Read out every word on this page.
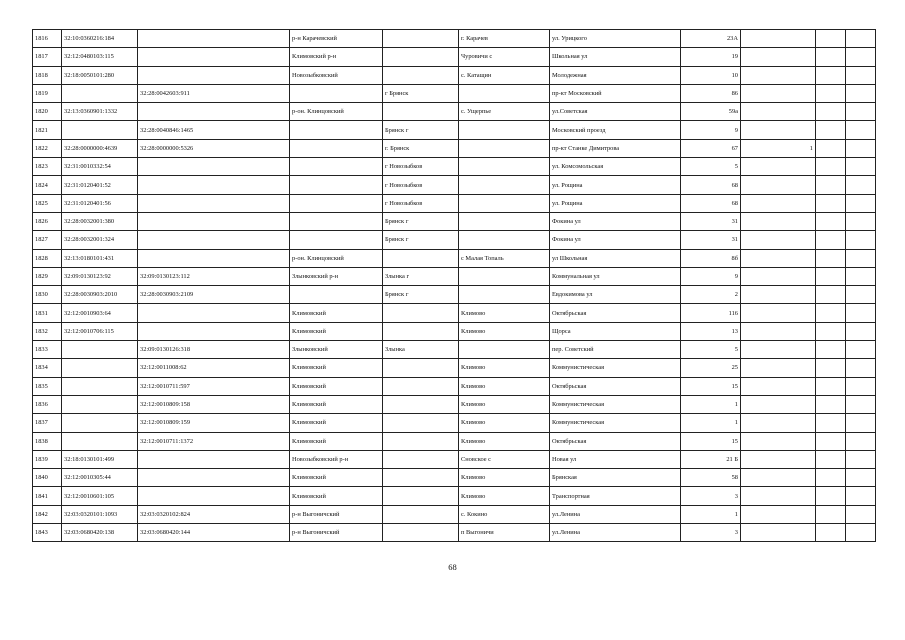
1816	32:10:0360216:184		р-н Карачевский		г. Карачев	ул. Урицкого	23А			
1817	32:12:0480103:115		Климовский р-н		Чуровичи с	Школьная ул	19			
1818	32:18:0050101:280		Новозыбковский		с. Катащин	Молодежная	10			
1819		32:28:0042603:911		г Брянск		пр-кт Московский	86			
1820	32:13:0360901:1332		р-он. Клинцовский		с. Ущерпье	ул.Советская	59а			
1821		32:28:0040846:1465		Брянск г		Московский проезд	9			
1822	32:28:0000000:4639	32:28:0000000:5326		г. Брянск		пр-кт Станке Димитрова	67	1		
1823	32:31:0010332:54			г Новозыбков		ул. Комсомольская	5			
1824	32:31:0120401:52			г Новозыбков		ул. Рощина	68			
1825	32:31:0120401:56			г Новозыбков		ул. Рощина	68			
1826	32:28:0032001:380			Брянск г		Фокина ул	31			
1827	32:28:0032001:324			Брянск г		Фокина ул	31			
1828	32:13:0180101:431		р-он. Клинцовский		с Малая Топаль	ул Школьная	8б			
1829	32:09:0130123:92	32:09:0130123:112	Злынковский р-н	Злынка г		Коммунальная ул	9			
1830	32:28:0030903:2010	32:28:0030903:2109		Брянск г		Евдокимова ул	2			
1831	32:12:0010903:64		Климовский		Климово	Октябрьская	116			
1832	32:12:0010706:115		Климовский		Климово	Щорса	13			
1833		32:09:0130126:318	Злынковский	Злынка		пер. Советский	5			
1834		32:12:0011008:62	Климовский		Климово	Коммунистическая	25			
1835		32:12:0010711:597	Климовский		Климово	Октябрьская	15			
1836		32:12:0010809:158	Климовский		Климово	Коммунистическая	1			
1837		32:12:0010809:159	Климовский		Климово	Коммунистическая	1			
1838		32:12:0010711:1372	Климовский		Климово	Октябрьская	15			
1839	32:18:0130101:499		Новозыбковский р-н		Сновское с	Новая ул	21 Б			
1840	32:12:0010305:44		Климовский		Климово	Брянская	58			
1841	32:12:0010601:105		Климовский		Климово	Транспортная	3			
1842	32:03:0320101:1093	32:03:0320102:824	р-н Выгоничский		с. Кокино	ул.Ленина	1			
1843	32:03:0680420:138	32:03:0680420:144	р-н Выгоничский		п Выгоничи	ул.Ленина	3			
68
